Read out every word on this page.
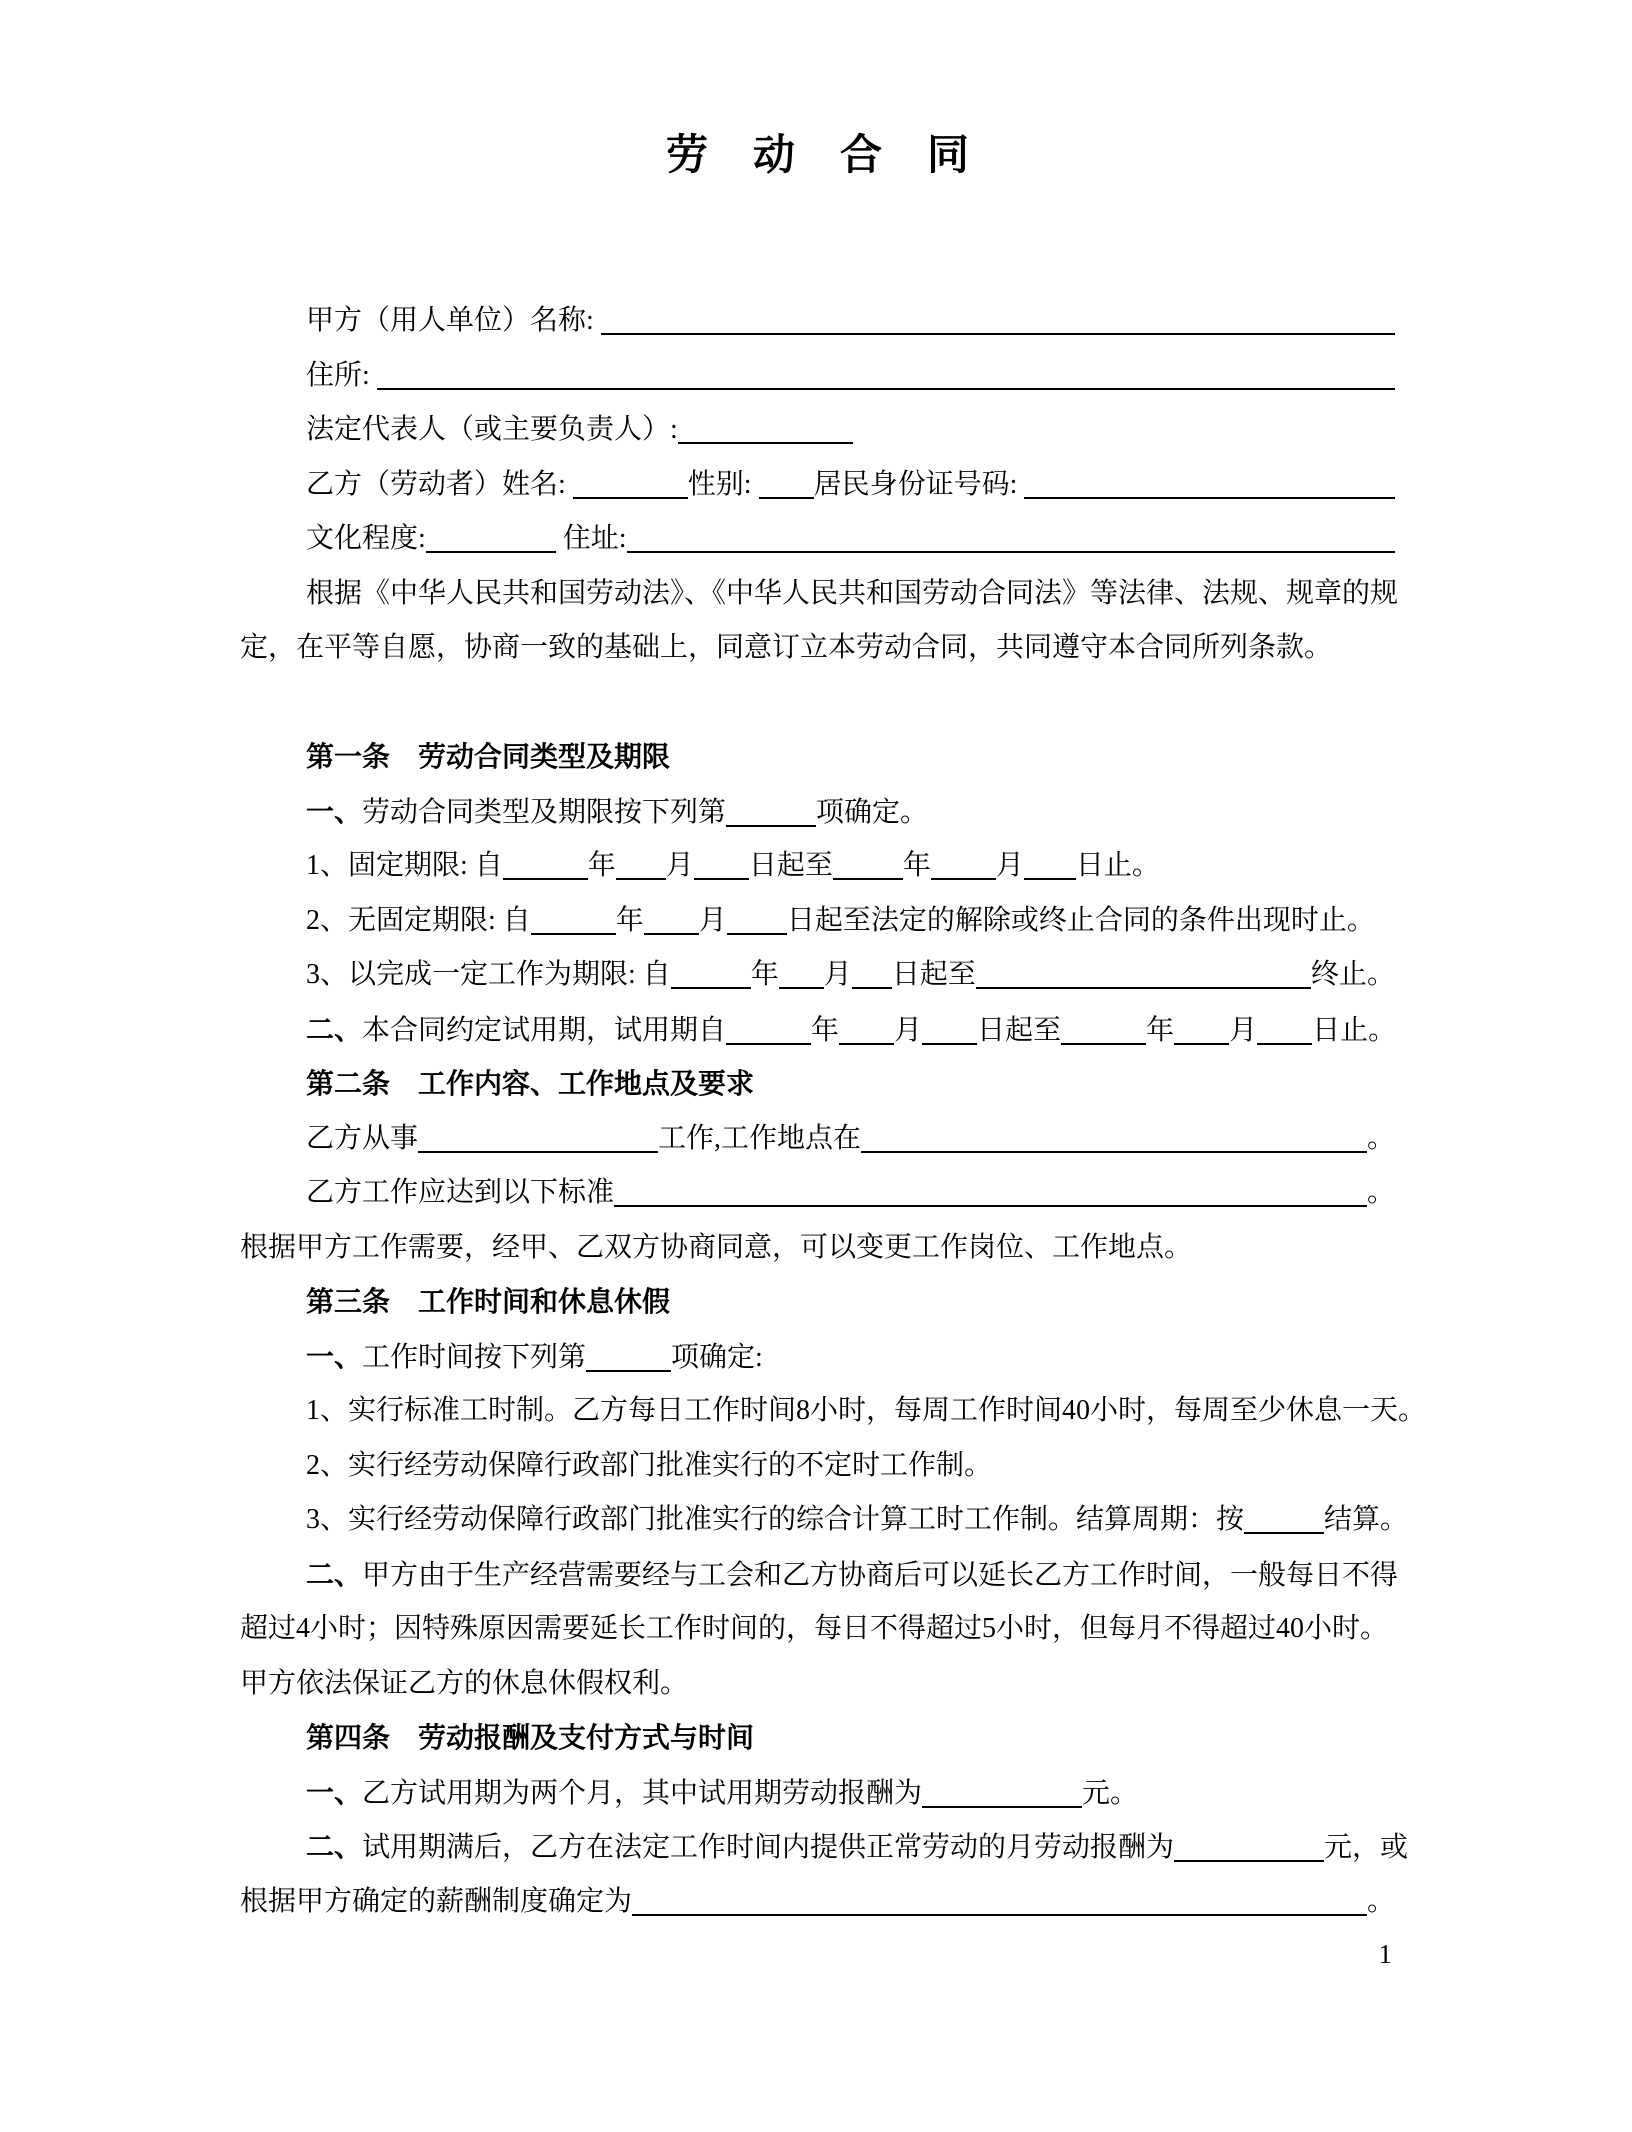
劳动合同
甲方（用人单位）名称:
住所:
法定代表人（或主要负责人）:
乙方（劳动者）姓名:	性别: 居民身份证号码:
文化程度:	住址:
根据《中华人民共和国劳动法》、《中华人民共和国劳动合同法》等法律、法规、规章的规
定，在平等自愿，协商一致的基础上，同意订立本劳动合同，共同遵守本合同所列条款。
第一条　劳动合同类型及期限
一、 劳动合同类型及期限按下列第	项确定。
1、固定期限: 自	年 月 日起至	年 月 日止。
2、无固定期限: 自	年 月 日起至法定的解除或终止合同的条件出现时止。
3、以完成一定工作为期限: 自	年 月 日起至	终止。
二、 本合同约定试用期，试用期自	年 月 日起至	年 月 日止。
第二条　工作内容、工作地点及要求
乙方从事	工作,工作地点在	。
乙方工作应达到以下标准	。
根据甲方工作需要，经甲、乙双方协商同意，可以变更工作岗位、工作地点。
第三条　工作时间和休息休假
一、 工作时间按下列第	项确定:
1、实行标准工时制。乙方每日工作时间8小时，每周工作时间40小时，每周至少休息一天。
2、实行经劳动保障行政部门批准实行的不定时工作制。
3、实行经劳动保障行政部门批准实行的综合计算工时工作制。结算周期：按	结算。
二、 甲方由于生产经营需要经与工会和乙方协商后可以延长乙方工作时间，一般每日不得
超过4小时；因特殊原因需要延长工作时间的，每日不得超过5小时，但每月不得超过40小时。
甲方依法保证乙方的休息休假权利。
第四条　劳动报酬及支付方式与时间
一、 乙方试用期为两个月，其中试用期劳动报酬为	元。
二、 试用期满后，乙方在法定工作时间内提供正常劳动的月劳动报酬为	元，或
根据甲方确定的薪酬制度确定为	。
1
